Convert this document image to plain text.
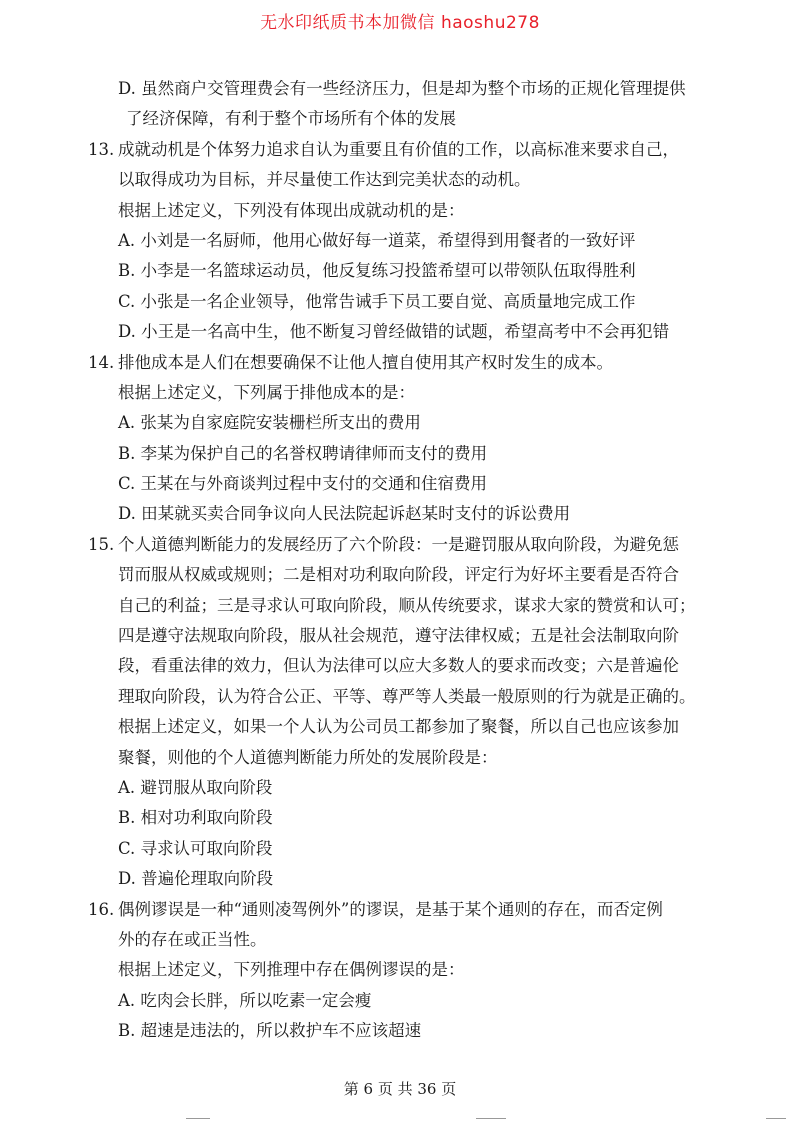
无水印纸质书本加微信 haoshu278
D. 虽然商户交管理费会有一些经济压力，但是却为整个市场的正规化管理提供
了经济保障，有利于整个市场所有个体的发展
13. 成就动机是个体努力追求自认为重要且有价值的工作，以高标准来要求自己，
以取得成功为目标，并尽量使工作达到完美状态的动机。
根据上述定义，下列没有体现出成就动机的是：
A. 小刘是一名厨师，他用心做好每一道菜，希望得到用餐者的一致好评
B. 小李是一名篮球运动员，他反复练习投篮希望可以带领队伍取得胜利
C. 小张是一名企业领导，他常告诫手下员工要自觉、高质量地完成工作
D. 小王是一名高中生，他不断复习曾经做错的试题，希望高考中不会再犯错
14. 排他成本是人们在想要确保不让他人擅自使用其产权时发生的成本。
根据上述定义，下列属于排他成本的是：
A. 张某为自家庭院安装栅栏所支出的费用
B. 李某为保护自己的名誉权聘请律师而支付的费用
C. 王某在与外商谈判过程中支付的交通和住宿费用
D. 田某就买卖合同争议向人民法院起诉赵某时支付的诉讼费用
15. 个人道德判断能力的发展经历了六个阶段：一是避罚服从取向阶段，为避免惩
罚而服从权威或规则；二是相对功利取向阶段，评定行为好坏主要看是否符合
自己的利益；三是寻求认可取向阶段，顺从传统要求，谋求大家的赞赏和认可；
四是遵守法规取向阶段，服从社会规范，遵守法律权威；五是社会法制取向阶
段，看重法律的效力，但认为法律可以应大多数人的要求而改变；六是普遍伦
理取向阶段，认为符合公正、平等、尊严等人类最一般原则的行为就是正确的。
根据上述定义，如果一个人认为公司员工都参加了聚餐，所以自己也应该参加
聚餐，则他的个人道德判断能力所处的发展阶段是：
A. 避罚服从取向阶段
B. 相对功利取向阶段
C. 寻求认可取向阶段
D. 普遍伦理取向阶段
16. 偶例谬误是一种“通则凌驾例外”的谬误，是基于某个通则的存在，而否定例
外的存在或正当性。
根据上述定义，下列推理中存在偶例谬误的是：
A. 吃肉会长胖，所以吃素一定会瘦
B. 超速是违法的，所以救护车不应该超速
第 6 页 共 36 页
